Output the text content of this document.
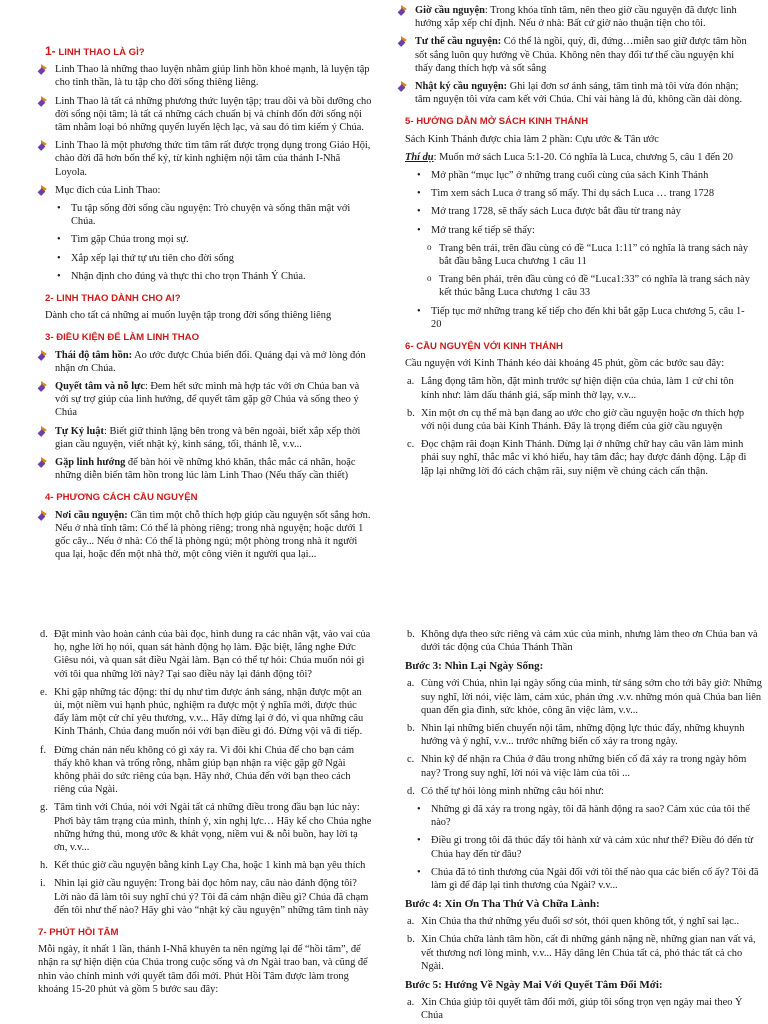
1- LINH THAO LÀ GÌ?
Linh Thao là những thao luyện nhằm giúp linh hồn khoẻ mạnh, là luyện tập cho tinh thần, là tu tập cho đời sống thiêng liêng.
Linh Thao là tất cả những phương thức luyện tập; trau dồi và bồi dưỡng cho đời sống nội tâm; là tất cả những cách chuẩn bị và chỉnh đốn đời sống nội tâm nhằm loại bỏ những quyến luyến lệch lạc, và sau đó tìm kiếm ý Chúa.
Linh Thao là một phương thức tìm tâm rất được trọng dụng trong Giáo Hội, chào đời đã hơn bốn thế kỷ, từ kinh nghiệm nội tâm của thánh I-Nhã Loyola.
Mục đích của Linh Thao:
• Tu tập sống đời sống cầu nguyện: Trò chuyện và sống thân mật với Chúa.
• Tìm gặp Chúa trong mọi sự.
• Xắp xếp lại thứ tự ưu tiên cho đời sống
• Nhận định cho đúng và thực thi cho trọn Thánh Ý Chúa.
2- LINH THAO DÀNH CHO AI?
Dành cho tất cả những ai muốn luyện tập trong đời sống thiêng liêng
3- ĐIỀU KIỆN ĐỂ LÀM LINH THAO
Thái độ tâm hồn: Ao ước được Chúa biến đổi. Quảng đại và mở lòng đón nhận ơn Chúa.
Quyết tâm và nỗ lực: Đem hết sức mình mà hợp tác với ơn Chúa ban và với sự trợ giúp của linh hướng, để quyết tâm gặp gỡ Chúa và sống theo ý Chúa
Tự Kỷ luật: Biết giữ thinh lặng bên trong và bên ngoài, biết xắp xếp thời gian cầu nguyện, viết nhật ký, kinh sáng, tối, thánh lễ, v.v...
Gặp linh hướng để bàn hỏi về những khó khăn, thắc mắc cá nhân, hoặc những diễn biến tâm hồn trong lúc làm Linh Thao (Nếu thấy cần thiết)
4- PHƯƠNG CÁCH CẦU NGUYỆN
Nơi cầu nguyện: Cần tìm một chỗ thích hợp giúp cầu nguyện sốt sắng hơn. Nếu ở nhà tĩnh tâm: Có thể là phòng riêng; trong nhà nguyện; hoặc dưới 1 gốc cây... Nếu ở nhà: Có thể là phòng ngủ; một phòng trong nhà ít người qua lại, hoặc đến một nhà thờ, một công viên ít người qua lại...
Giờ cầu nguyện: Trong khóa tĩnh tâm, nên theo giờ cầu nguyện đã được linh hướng xắp xếp chỉ định. Nếu ở nhà: Bất cứ giờ nào thuận tiện cho tôi.
Tư thế cầu nguyện: Có thể là ngồi, quỳ, đi, đứng…miễn sao giữ được tâm hồn sốt sắng luôn quy hướng về Chúa. Không nên thay đổi tư thế cầu nguyện khi thấy đang thích hợp và sốt sắng
Nhật ký cầu nguyện: Ghi lại đơn sơ ánh sáng, tâm tình mà tôi vừa đón nhận; tâm nguyện tôi vừa cam kết với Chúa. Chỉ vài hàng là đủ, không cần dài dòng.
5- HƯỚNG DẪN MỞ SÁCH KINH THÁNH
Sách Kinh Thánh được chia làm 2 phần: Cựu ước & Tân ước
Thí dụ: Muốn mở sách Luca 5:1-20. Có nghĩa là Luca, chương 5, câu 1 đến 20
• Mở phần “mục lục” ở những trang cuối cùng của sách Kinh Thánh
• Tìm xem sách Luca ở trang số mấy. Thí dụ sách Luca … trang 1728
• Mở trang 1728, sẽ thấy sách Luca được bắt đầu từ trang này
• Mở trang kế tiếp sẽ thấy:
o Trang bên trái, trên đầu cùng có đề “Luca 1:11” có nghĩa là trang sách này bắt đầu bằng Luca chương 1 câu 11
o Trang bên phải, trên đầu cùng có đề “Luca1:33” có nghĩa là trang sách này kết thúc bằng Luca chương 1 câu 33
• Tiếp tục mở những trang kế tiếp cho đến khi bắt gặp Luca chương 5, câu 1-20
6- CẦU NGUYỆN VỚI KINH THÁNH
Cầu nguyện với Kinh Thánh kéo dài khoảng 45 phút, gồm các bước sau đây:
a. Lắng đọng tâm hồn, đặt mình trước sự hiện diện của chúa, làm 1 cử chỉ tôn kính như: làm dấu thánh giá, sấp mình thờ lạy, v.v...
b. Xin một ơn cụ thể mà bạn đang ao ước cho giờ cầu nguyện hoặc ơn thích hợp với nội dung của bài Kinh Thánh. Đây là trọng điểm của giờ cầu nguyện
c. Đọc chậm rãi đoạn Kinh Thánh. Dừng lại ở những chữ hay câu văn làm mình phải suy nghĩ, thắc mắc vì khó hiểu, hay tâm đắc; hay được đánh động. Lặp đi lặp lại những lời đó cách chậm rãi, suy niệm về chúng cách cẩn thận.
d. Đặt mình vào hoàn cảnh của bài đọc, hình dung ra các nhân vật, vào vai của họ, nghe lời họ nói, quan sát hành động họ làm. Đặc biệt, lắng nghe Đức Giêsu nói, và quan sát điều Ngài làm. Bạn có thể tự hỏi: Chúa muốn nói gì với tôi qua những lời này? Tại sao điều này lại đánh động tôi?
e. Khi gặp những tác động: thí dụ như tìm được ánh sáng, nhận được một an ủi, một niềm vui hạnh phúc, nghiệm ra được một ý nghĩa mới, được thúc đẩy làm một cử chỉ yêu thương, v.v... Hãy dừng lại ở đó, vì qua những câu Kinh Thánh, Chúa đang muốn nói với bạn điều gì đó. Đừng vội vã đi tiếp.
f. Đừng chán nản nếu không có gì xảy ra. Vì đôi khi Chúa để cho bạn cảm thấy khô khan và trống rỗng, nhằm giúp bạn nhận ra việc gặp gỡ Ngài không phải do sức riêng của bạn. Hãy nhớ, Chúa đến với bạn theo cách riêng của Ngài.
g. Tâm tình với Chúa, nói với Ngài tất cả những điều trong đầu bạn lúc này: Phơi bày tâm trạng của mình, thỉnh ý, xin nghị lực… Hãy kể cho Chúa nghe những hứng thú, mong ước & khát vọng, niềm vui & nỗi buồn, hay lời tạ ơn, v.v...
h. Kết thúc giờ cầu nguyện bằng kinh Lạy Cha, hoặc 1 kinh mà bạn yêu thích
i. Nhìn lại giờ cầu nguyện: Trong bài đọc hôm nay, câu nào đánh động tôi? Lời nào đã làm tôi suy nghĩ chú ý? Tôi đã cảm nhận điều gì? Chúa đã chạm đến tôi như thế nào? Hãy ghi vào “nhật ký cầu nguyện” những tâm tình này
7- PHÚT HỒI TÂM
Mỗi ngày, ít nhất 1 lần, thánh I-Nhã khuyên ta nên ngừng lại để “hồi tâm”, để nhận ra sự hiện diện của Chúa trong cuộc sống và ơn Ngài trao ban, và cũng để nhìn vào chính mình với quyết tâm đổi mới. Phút Hồi Tâm được làm trong khoảng 15-20 phút và gồm 5 bước sau đây:
b. Không dựa theo sức riêng và cảm xúc của mình, nhưng làm theo ơn Chúa ban và dưới tác động của Chúa Thánh Thần
Bước 3: Nhìn Lại Ngày Sống:
a. Cùng với Chúa, nhìn lại ngày sống của mình, từ sáng sớm cho tới bây giờ: Những suy nghĩ, lời nói, việc làm, cảm xúc, phản ứng .v.v. những món quà Chúa ban liên quan đến gia đình, sức khỏe, công ăn việc làm, v.v...
b. Nhìn lại những biến chuyển nội tâm, những động lực thúc đẩy, những khuynh hướng và ý nghĩ, v.v... trước những biến cố xảy ra trong ngày.
c. Nhìn kỹ để nhận ra Chúa ở đâu trong những biến cố đã xảy ra trong ngày hôm nay? Trong suy nghĩ, lời nói và việc làm của tôi ...
d. Có thể tự hỏi lòng mình những câu hỏi như:
• Những gì đã xảy ra trong ngày, tôi đã hành động ra sao? Cảm xúc của tôi thế nào?
• Điều gì trong tôi đã thúc đẩy tôi hành xử và cảm xúc như thế? Điều đó đến từ Chúa hay đến từ đâu?
• Chúa đã tỏ tình thương của Ngài đối với tôi thế nào qua các biến cố ấy? Tôi đã làm gì để đáp lại tình thương của Ngài? v.v...
Bước 4: Xin Ơn Tha Thứ Và Chữa Lành:
a. Xin Chúa tha thứ những yếu đuối sơ sót, thói quen không tốt, ý nghĩ sai lạc..
b. Xin Chúa chữa lành tâm hồn, cất đi những gánh nặng nề, những gian nan vất vả, vết thương nơi lòng mình, v.v... Hãy dâng lên Chúa tất cả, phó thác tất cả cho Ngài.
Bước 5: Hướng Về Ngày Mai Với Quyết Tâm Đổi Mới:
a. Xin Chúa giúp tôi quyết tâm đổi mới, giúp tôi sống trọn vẹn ngày mai theo Ý Chúa
